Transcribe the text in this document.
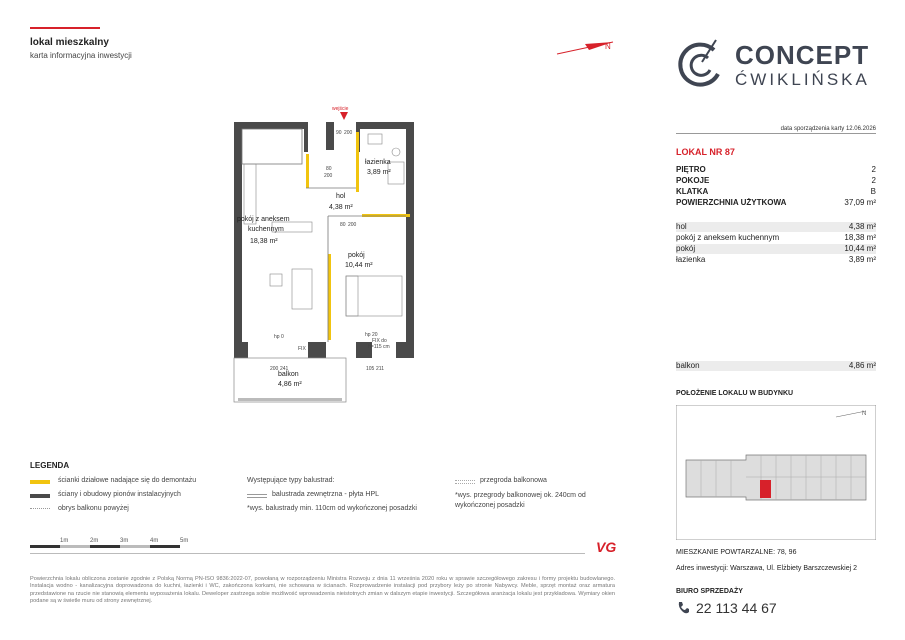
lokal mieszkalny
karta informacyjna inwestycji
N	CONCEPT
ĆWIKLIŃSKA
data sporządzenia karty 12.06.2026
LOKAL NR 87
PIĘTRO	2
POKOJE	2
KLATKA	B
POWIERZCHNIA UŻYTKOWA	37,09 m²
hol	4,38 m²
pokój z aneksem kuchennym	18,38 m²
pokój	10,44 m²
łazienka	3,89 m²
balkon	4,86 m²
POŁOŻENIE LOKALU W BUDYNKU
N
MIESZKANIE POWTARZALNE: 78, 96
Adres inwestycji: Warszawa, Ul. Elżbiety Barszczewskiej 2
BIURO SPRZEDAŻY
22 113 44 67
wejście
łazienka
3,89 m²
hol
4,38 m²
pokój z aneksem
kuchennym
18,38 m²
pokój
10,44 m²
balkon
4,86 m²
90 200
80
200
80 200
hp 0
FIX
200 241
hp 20
FIX do
h=115 cm
105 211
LEGENDA
ścianki działowe nadające się do demontażu
ściany i obudowy pionów instalacyjnych
obrys balkonu powyżej
Występujące typy balustrad:
balustrada zewnętrzna - płyta HPL
*wys. balustrady min. 110cm od wykończonej posadzki
przegroda balkonowa
*wys. przegrody balkonowej ok. 240cm od wykończonej posadzki
1m	2m	3m	4m	5m	VG
Powierzchnia lokalu obliczona zostanie zgodnie z Polską Normą PN-ISO 9836:2022-07, powołaną w rozporządzeniu Ministra Rozwoju z dnia 11 września 2020 roku w sprawie szczegółowego zakresu i formy projektu budowlanego. Instalacja wodno - kanalizacyjna doprowadzona do kuchni, łazienki i WC, zakończona korkami, nie schowana w ścianach. Rozprowadzenie instalacji pod przybory leży po stronie Nabywcy. Meble, sprzęt montaż oraz armatura przedstawione na rzucie nie stanowią elementu wyposażenia lokalu. Deweloper zastrzega sobie możliwość wprowadzenia nieistotnych zmian w dalszym etapie inwestycji. Szczegółowa aranżacja lokalu jest przykładowa. Wymiary okien podane są w świetle muru od strony zewnętrznej.
